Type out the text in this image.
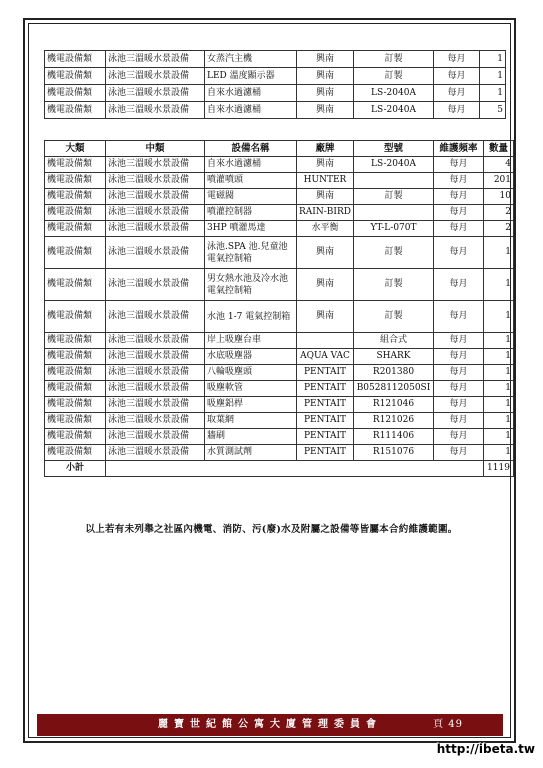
機電設備類	泳池三溫暖水景設備	女蒸汽主機	興南	訂製	每月	1
機電設備類	泳池三溫暖水景設備	LED 溫度顯示器	興南	訂製	每月	1
機電設備類	泳池三溫暖水景設備	自來水過濾桶	興南	LS-2040A	每月	1
機電設備類	泳池三溫暖水景設備	自來水過濾桶	興南	LS-2040A	每月	5
大類	中類	設備名稱	廠牌	型號	維護頻率	數量
機電設備類	泳池三溫暖水景設備	自來水過濾桶	興南	LS-2040A	每月	4
機電設備類	泳池三溫暖水景設備	噴灌噴頭	HUNTER		每月	201
機電設備類	泳池三溫暖水景設備	電磁閥	興南	訂製	每月	10
機電設備類	泳池三溫暖水景設備	噴灌控制器	RAIN-BIRD		每月	2
機電設備類	泳池三溫暖水景設備	3HP 噴灌馬達	水平衡	YT-L-070T	每月	2
機電設備類	泳池三溫暖水景設備	泳池.SPA 池.兒童池電氣控制箱	興南	訂製	每月	1
機電設備類	泳池三溫暖水景設備	男女熱水池及冷水池電氣控制箱	興南	訂製	每月	1
機電設備類	泳池三溫暖水景設備	水池 1-7 電氣控制箱	興南	訂製	每月	1
機電設備類	泳池三溫暖水景設備	岸上吸塵台車		組合式	每月	1
機電設備類	泳池三溫暖水景設備	水底吸塵器	AQUA VAC	SHARK	每月	1
機電設備類	泳池三溫暖水景設備	八輪吸塵頭	PENTAIT	R201380	每月	1
機電設備類	泳池三溫暖水景設備	吸塵軟管	PENTAIT	B0528112050SI	每月	1
機電設備類	泳池三溫暖水景設備	吸塵鋁桿	PENTAIT	R121046	每月	1
機電設備類	泳池三溫暖水景設備	取葉網	PENTAIT	R121026	每月	1
機電設備類	泳池三溫暖水景設備	牆刷	PENTAIT	R111406	每月	1
機電設備類	泳池三溫暖水景設備	水質測試劑	PENTAIT	R151076	每月	1
小計						1119
以上若有未列舉之社區內機電、消防、污(廢)水及附屬之設備等皆屬本合約維護範圍。
麗寶世紀館公寓大廈管理委員會	頁 49
http://ibeta.tw
